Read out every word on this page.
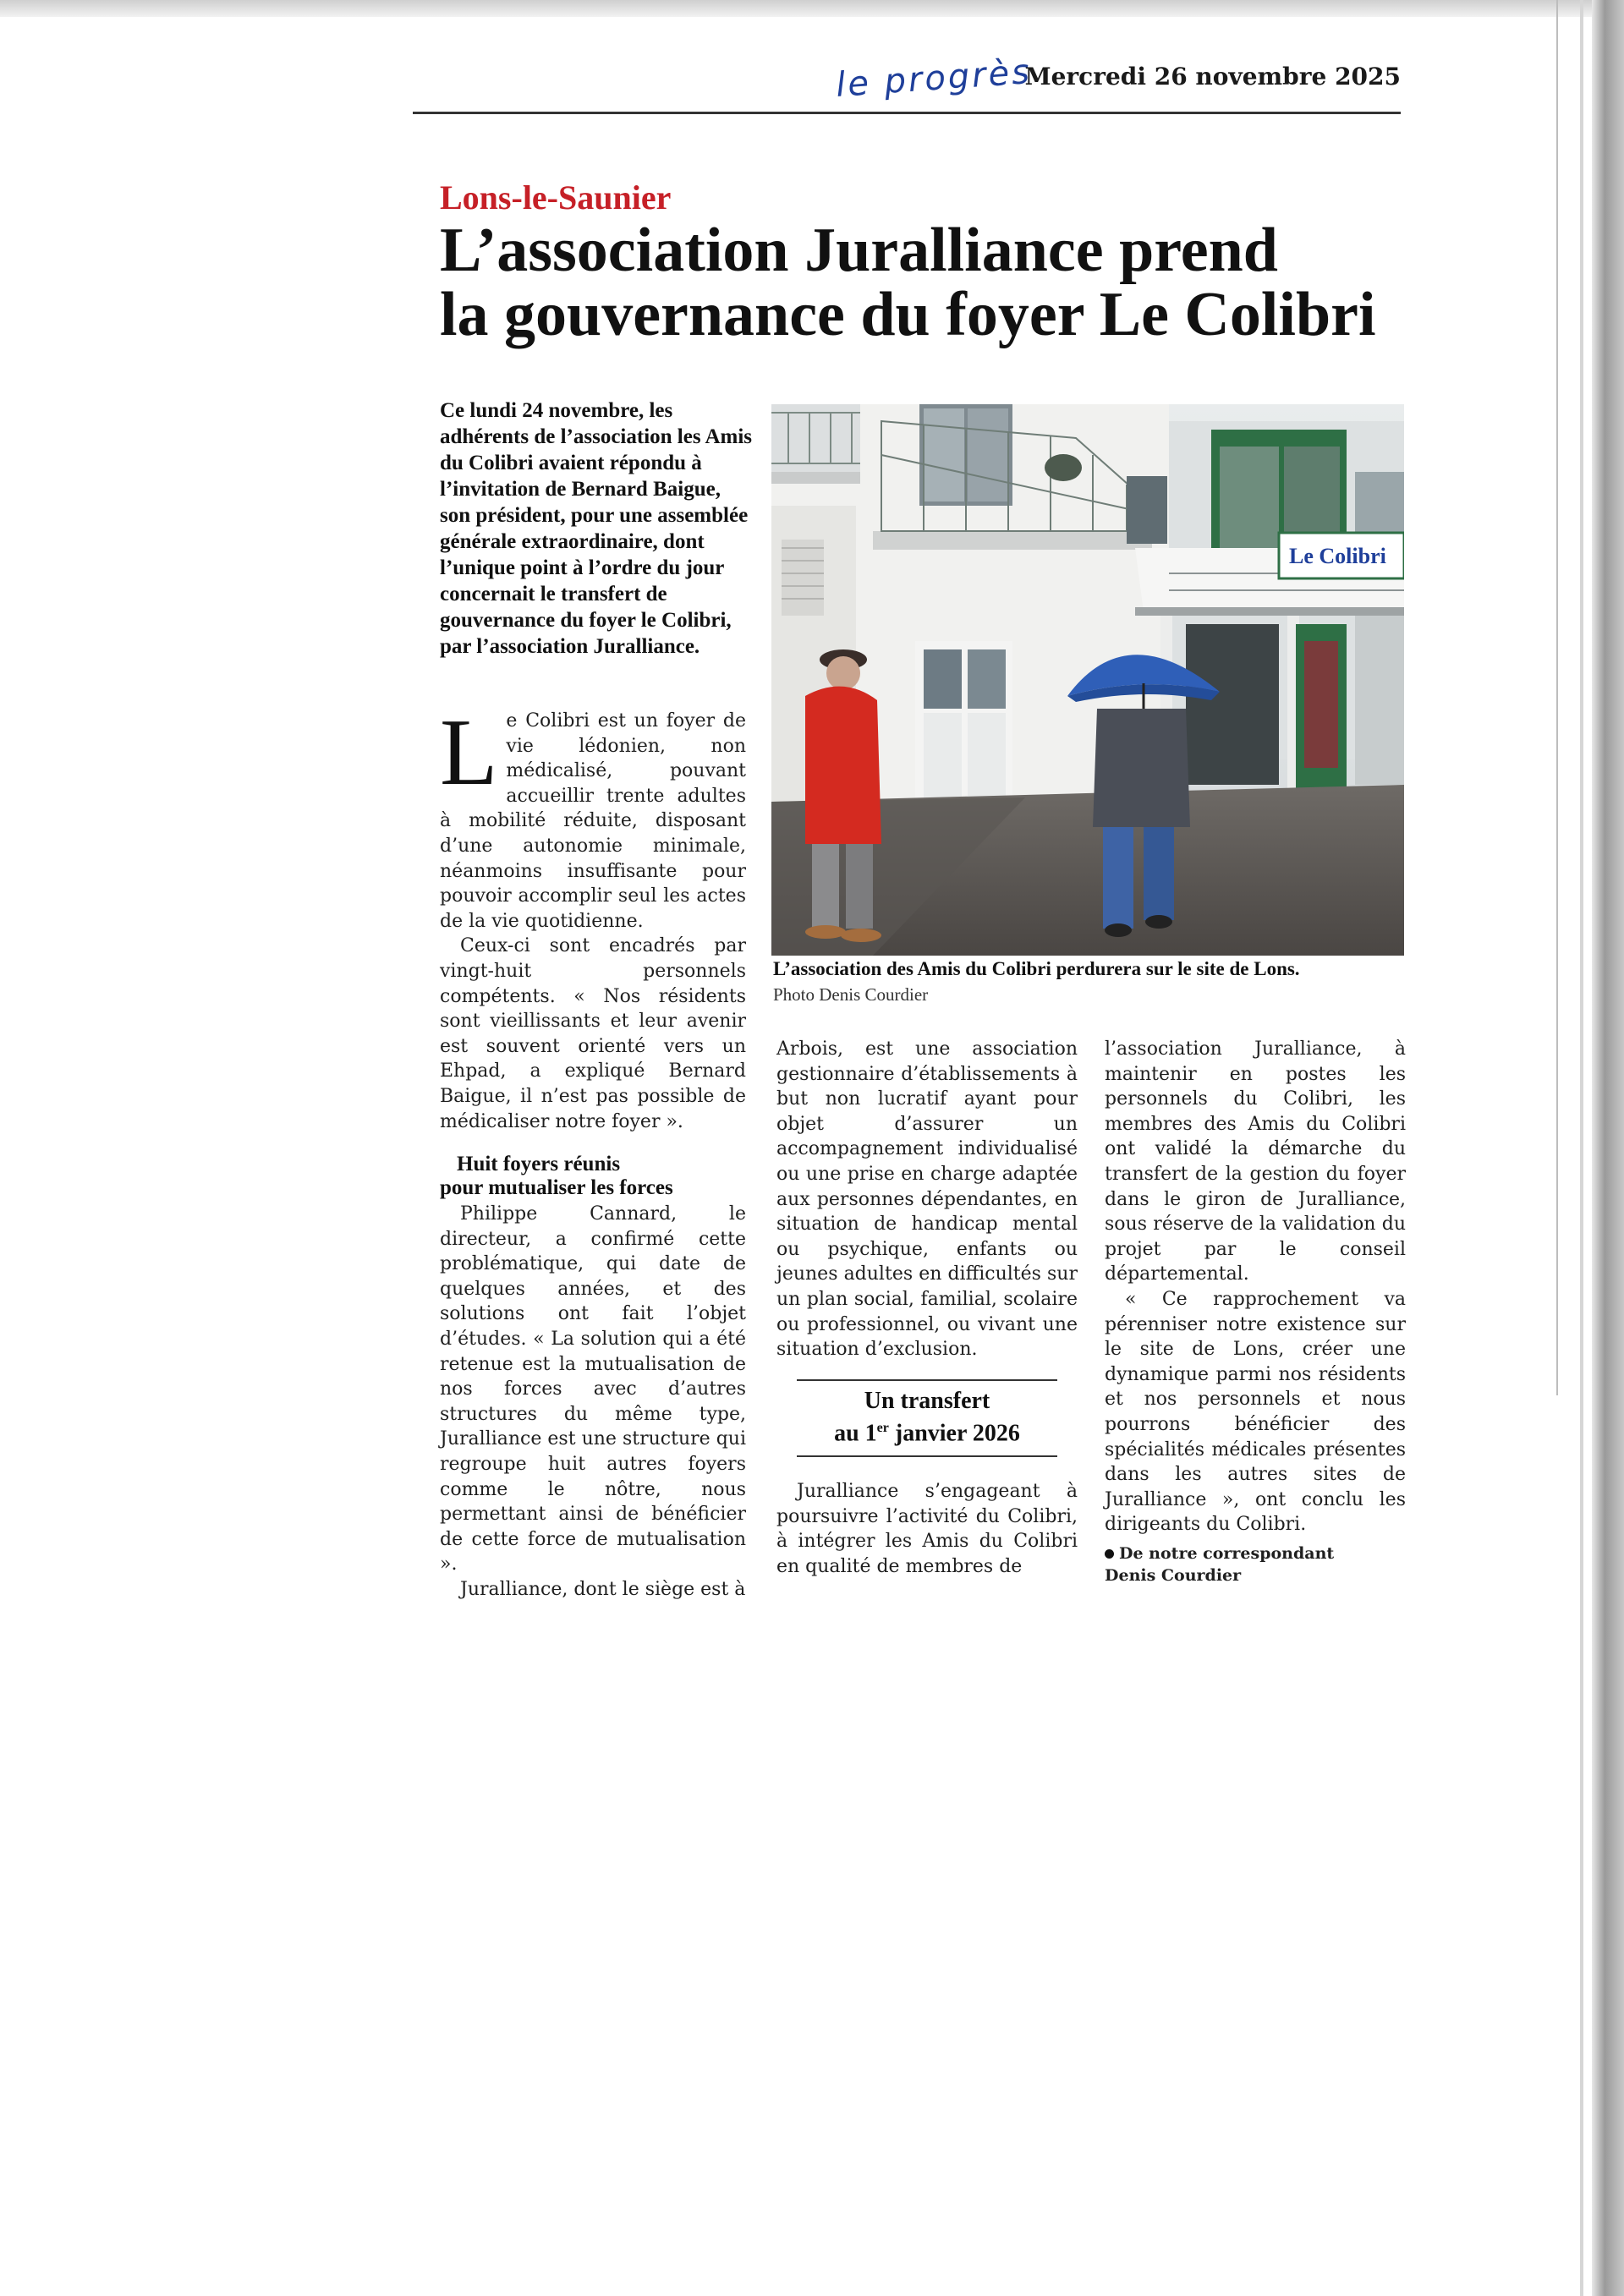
le progrès
Mercredi 26 novembre 2025
Lons-le-Saunier
L’association Juralliance prend
la gouvernance du foyer Le Colibri

Ce lundi 24 novembre, les adhérents de l’association les Amis du Colibri avaient répondu à l’invitation de Bernard Baigue, son président, pour une assemblée générale extraordinaire, dont l’unique point à l’ordre du jour concernait le transfert de gouvernance du foyer le Colibri, par l’association Juralliance.

Le Colibri
L’association des Amis du Colibri perdurera sur le site de Lons.
Photo Denis Courdier

Le Colibri est un foyer de vie lédonien, non médicalisé, pouvant accueillir trente adultes à mobilité réduite, disposant d’une autonomie minimale, néanmoins insuffisante pour pouvoir accomplir seul les actes de la vie quotidienne.

Ceux-ci sont encadrés par vingt-huit personnels compétents. « Nos résidents sont vieillissants et leur avenir est souvent orienté vers un Ehpad, a expliqué Bernard Baigue, il n’est pas possible de médicaliser notre foyer ».

Huit foyers réunis
pour mutualiser les forces

Philippe Cannard, le directeur, a confirmé cette problématique, qui date de quelques années, et des solutions ont fait l’objet d’études. « La solution qui a été retenue est la mutualisation de nos forces avec d’autres structures du même type, Juralliance est une structure qui regroupe huit autres foyers comme le nôtre, nous permettant ainsi de bénéficier de cette force de mutualisation ».

Juralliance, dont le siège est à

Arbois, est une association gestionnaire d’établissements à but non lucratif ayant pour objet d’assurer un accompagnement individualisé ou une prise en charge adaptée aux personnes dépendantes, en situation de handicap mental ou psychique, enfants ou jeunes adultes en difficultés sur un plan social, familial, scolaire ou professionnel, ou vivant une situation d’exclusion.

Un transfert
au 1er janvier 2026

Juralliance s’engageant à poursuivre l’activité du Colibri, à intégrer les Amis du Colibri en qualité de membres de

l’association Juralliance, à maintenir en postes les personnels du Colibri, les membres des Amis du Colibri ont validé la démarche du transfert de la gestion du foyer dans le giron de Juralliance, sous réserve de la validation du projet par le conseil départemental.

« Ce rapprochement va pérenniser notre existence sur le site de Lons, créer une dynamique parmi nos résidents et nos personnels et nous pourrons bénéficier des spécialités médicales présentes dans les autres sites de Juralliance », ont conclu les dirigeants du Colibri.

De notre correspondant
Denis Courdier
